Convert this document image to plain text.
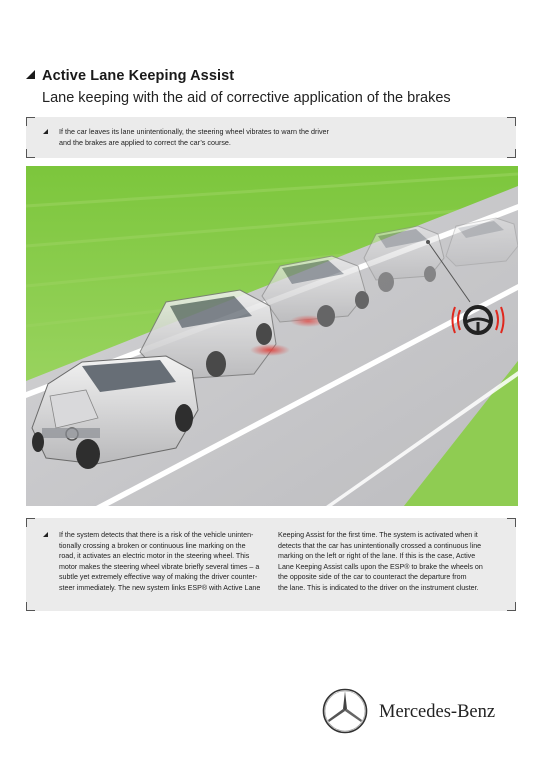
Active Lane Keeping Assist
Lane keeping with the aid of corrective application of the brakes
If the car leaves its lane unintentionally, the steering wheel vibrates to warn the driver
and the brakes are applied to correct the car’s course.
If the system detects that there is a risk of the vehicle uninten-
tionally crossing a broken or continuous line marking on the
road, it activates an electric motor in the steering wheel. This
motor makes the steering wheel vibrate briefly several times – a
subtle yet extremely effective way of making the driver counter-
steer immediately. The new system links ESP® with Active Lane
Keeping Assist for the first time. The system is activated when it
detects that the car has unintentionally crossed a continuous line
marking on the left or right of the lane. If this is the case, Active
Lane Keeping Assist calls upon the ESP® to brake the wheels on
the opposite side of the car to counteract the departure from
the lane. This is indicated to the driver on the instrument cluster.
Mercedes-Benz
